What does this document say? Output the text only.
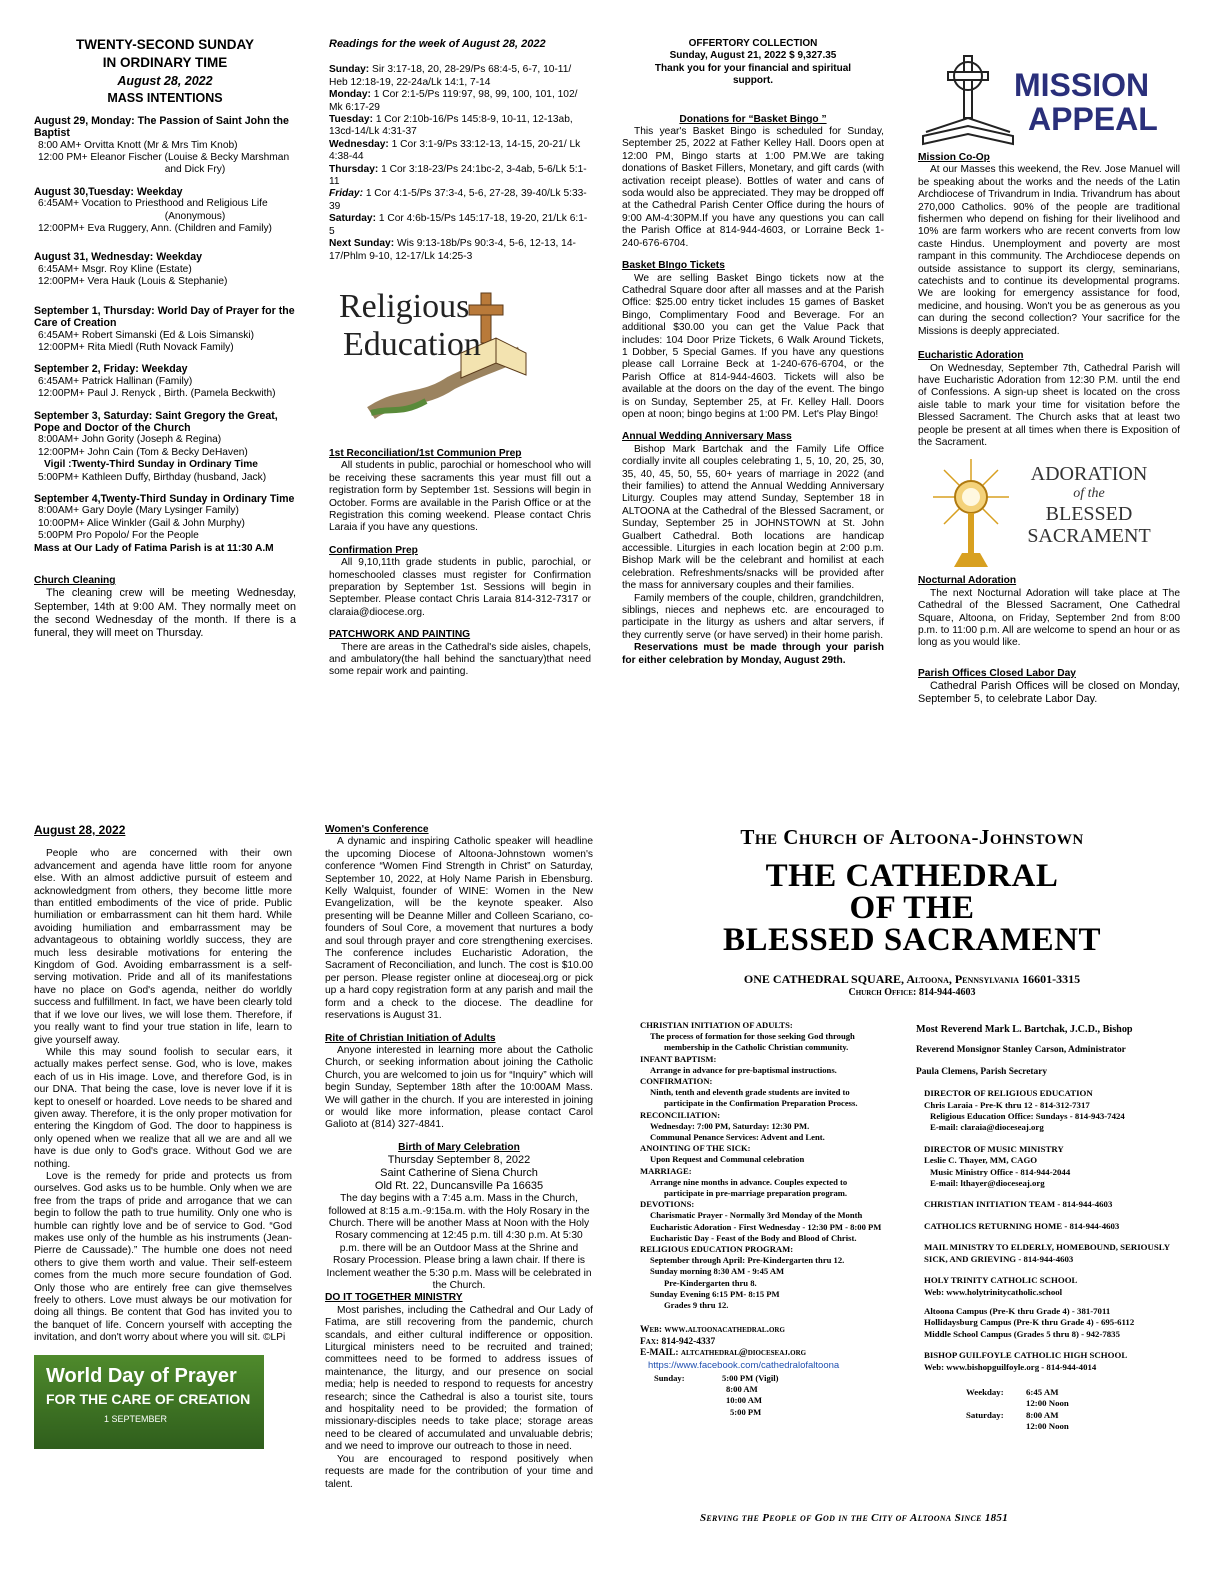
TWENTY-SECOND SUNDAY
IN ORDINARY TIME
August 28, 2022
MASS INTENTIONS
August 29, Monday: The Passion of Saint John the Baptist
8:00 AM+ Orvitta Knott (Mr & Mrs Tim Knob)
12:00 PM+ Eleanor Fischer (Louise & Becky Marshman
and Dick Fry)
August 30,Tuesday: Weekday
6:45AM+ Vocation to Priesthood and Religious Life
(Anonymous)
12:00PM+ Eva Ruggery, Ann. (Children and Family)
August 31, Wednesday: Weekday
6:45AM+ Msgr. Roy Kline (Estate)
12:00PM+ Vera Hauk (Louis & Stephanie)
September 1, Thursday: World Day of Prayer for the Care of Creation
6:45AM+ Robert Simanski (Ed & Lois Simanski)
12:00PM+ Rita Miedl (Ruth Novack Family)
September 2, Friday: Weekday
6:45AM+ Patrick Hallinan (Family)
12:00PM+ Paul J. Renyck , Birth. (Pamela Beckwith)
September 3, Saturday: Saint Gregory the Great, Pope and Doctor of the Church
8:00AM+ John Gority (Joseph & Regina)
12:00PM+ John Cain (Tom & Becky DeHaven)
Vigil :Twenty-Third Sunday in Ordinary Time
5:00PM+ Kathleen Duffy, Birthday (husband, Jack)
September 4,Twenty-Third Sunday in Ordinary Time
8:00AM+ Gary Doyle (Mary Lysinger Family)
10:00PM+ Alice Winkler (Gail & John Murphy)
5:00PM Pro Popolo/ For the People
Mass at Our Lady of Fatima Parish is at 11:30 A.M
Church Cleaning

The cleaning crew will be meeting Wednesday, September, 14th at 9:00 AM. They normally meet on the second Wednesday of the month. If there is a funeral, they will meet on Thursday.

Readings for the week of August 28, 2022

Sunday: Sir 3:17-18, 20, 28-29/Ps 68:4-5, 6-7, 10-11/ Heb 12:18-19, 22-24a/Lk 14:1, 7-14

Monday: 1 Cor 2:1-5/Ps 119:97, 98, 99, 100, 101, 102/ Mk 6:17-29

Tuesday: 1 Cor 2:10b-16/Ps 145:8-9, 10-11, 12-13ab, 13cd-14/Lk 4:31-37

Wednesday: 1 Cor 3:1-9/Ps 33:12-13, 14-15, 20-21/ Lk 4:38-44

Thursday: 1 Cor 3:18-23/Ps 24:1bc-2, 3-4ab, 5-6/Lk 5:1-11

Friday: 1 Cor 4:1-5/Ps 37:3-4, 5-6, 27-28, 39-40/Lk 5:33-39

Saturday: 1 Cor 4:6b-15/Ps 145:17-18, 19-20, 21/Lk 6:1-5

Next Sunday: Wis 9:13-18b/Ps 90:3-4, 5-6, 12-13, 14-17/Phlm 9-10, 12-17/Lk 14:25-3

Religious
Education
1st Reconciliation/1st Communion Prep

All students in public, parochial or homeschool who will be receiving these sacraments this year must fill out a registration form by September 1st. Sessions will begin in October. Forms are available in the Parish Office or at the Registration this coming weekend. Please contact Chris Laraia if you have any questions.

Confirmation Prep

All 9,10,11th grade students in public, parochial, or homeschooled classes must register for Confirmation preparation by September 1st. Sessions will begin in September. Please contact Chris Laraia 814-312-7317 or claraia@diocese.org.

PATCHWORK AND PAINTING

There are areas in the Cathedral's side aisles, chapels, and ambulatory(the hall behind the sanctuary)that need some repair work and painting.

OFFERTORY COLLECTION
Sunday, August 21, 2022 $ 9,327.35
Thank you for your financial and spiritual support.
Donations for “Basket Bingo ”

This year's Basket Bingo is scheduled for Sunday, September 25, 2022 at Father Kelley Hall. Doors open at 12:00 PM, Bingo starts at 1:00 PM.We are taking donations of Basket Fillers, Monetary, and gift cards (with activation receipt please). Bottles of water and cans of soda would also be appreciated. They may be dropped off at the Cathedral Parish Center Office during the hours of 9:00 AM-4:30PM.If you have any questions you can call the Parish Office at 814-944-4603, or Lorraine Beck 1-240-676-6704.

Basket BIngo Tickets

We are selling Basket Bingo tickets now at the Cathedral Square door after all masses and at the Parish Office: $25.00 entry ticket includes 15 games of Basket Bingo, Complimentary Food and Beverage. For an additional $30.00 you can get the Value Pack that includes: 104 Door Prize Tickets, 6 Walk Around Tickets, 1 Dobber, 5 Special Games. If you have any questions please call Lorraine Beck at 1-240-676-6704, or the Parish Office at 814-944-4603. Tickets will also be available at the doors on the day of the event. The bingo is on Sunday, September 25, at Fr. Kelley Hall. Doors open at noon; bingo begins at 1:00 PM. Let's Play Bingo!

Annual Wedding Anniversary Mass

Bishop Mark Bartchak and the Family Life Office cordially invite all couples celebrating 1, 5, 10, 20, 25, 30, 35, 40, 45, 50, 55, 60+ years of marriage in 2022 (and their families) to attend the Annual Wedding Anniversary Liturgy. Couples may attend Sunday, September 18 in ALTOONA at the Cathedral of the Blessed Sacrament, or Sunday, September 25 in JOHNSTOWN at St. John Gualbert Cathedral. Both locations are handicap accessible. Liturgies in each location begin at 2:00 p.m. Bishop Mark will be the celebrant and homilist at each celebration. Refreshments/snacks will be provided after the mass for anniversary couples and their families.

Family members of the couple, children, grandchildren, siblings, nieces and nephews etc. are encouraged to participate in the liturgy as ushers and altar servers, if they currently serve (or have served) in their home parish.

Reservations must be made through your parish for either celebration by Monday, August 29th.

MISSION
APPEAL
Mission Co-Op

At our Masses this weekend, the Rev. Jose Manuel will be speaking about the works and the needs of the Latin Archdiocese of Trivandrum in India. Trivandrum has about 270,000 Catholics. 90% of the people are traditional fishermen who depend on fishing for their livelihood and 10% are farm workers who are recent converts from low caste Hindus. Unemployment and poverty are most rampant in this community. The Archdiocese depends on outside assistance to support its clergy, seminarians, catechists and to continue its developmental programs. We are looking for emergency assistance for food, medicine, and housing. Won't you be as generous as you can during the second collection? Your sacrifice for the Missions is deeply appreciated.

Eucharistic Adoration

On Wednesday, September 7th, Cathedral Parish will have Eucharistic Adoration from 12:30 P.M. until the end of Confessions. A sign-up sheet is located on the cross aisle table to mark your time for visitation before the Blessed Sacrament. The Church asks that at least two people be present at all times when there is Exposition of the Sacrament.

ADORATION
of the
BLESSED
SACRAMENT
Nocturnal Adoration

The next Nocturnal Adoration will take place at The Cathedral of the Blessed Sacrament, One Cathedral Square, Altoona, on Friday, September 2nd from 8:00 p.m. to 11:00 p.m. All are welcome to spend an hour or as long as you would like.

Parish Offices Closed Labor Day

Cathedral Parish Offices will be closed on Monday, September 5, to celebrate Labor Day.

August 28, 2022

People who are concerned with their own advancement and agenda have little room for anyone else. With an almost addictive pursuit of esteem and acknowledgment from others, they become little more than entitled embodiments of the vice of pride. Public humiliation or embarrassment can hit them hard. While avoiding humiliation and embarrassment may be advantageous to obtaining worldly success, they are much less desirable motivations for entering the Kingdom of God. Avoiding embarrassment is a self-serving motivation. Pride and all of its manifestations have no place on God's agenda, neither do worldly success and fulfillment. In fact, we have been clearly told that if we love our lives, we will lose them. Therefore, if you really want to find your true station in life, learn to give yourself away.

While this may sound foolish to secular ears, it actually makes perfect sense. God, who is love, makes each of us in His image. Love, and therefore God, is in our DNA. That being the case, love is never love if it is kept to oneself or hoarded. Love needs to be shared and given away. Therefore, it is the only proper motivation for entering the Kingdom of God. The door to happiness is only opened when we realize that all we are and all we have is due only to God's grace. Without God we are nothing.

Love is the remedy for pride and protects us from ourselves. God asks us to be humble. Only when we are free from the traps of pride and arrogance that we can begin to follow the path to true humility. Only one who is humble can rightly love and be of service to God. “God makes use only of the humble as his instruments (Jean-Pierre de Caussade).” The humble one does not need others to give them worth and value. Their self-esteem comes from the much more secure foundation of God. Only those who are entirely free can give themselves freely to others. Love must always be our motivation for doing all things. Be content that God has invited you to the banquet of life. Concern yourself with accepting the invitation, and don't worry about where you will sit. ©LPi

World Day of Prayer
FOR THE CARE OF CREATION
1 SEPTEMBER
Women's Conference

A dynamic and inspiring Catholic speaker will headline the upcoming Diocese of Altoona-Johnstown women's conference “Women Find Strength in Christ” on Saturday, September 10, 2022, at Holy Name Parish in Ebensburg. Kelly Walquist, founder of WINE: Women in the New Evangelization, will be the keynote speaker. Also presenting will be Deanne Miller and Colleen Scariano, co-founders of Soul Core, a movement that nurtures a body and soul through prayer and core strengthening exercises. The conference includes Eucharistic Adoration, the Sacrament of Reconciliation, and lunch. The cost is $10.00 per person. Please register online at dioceseaj.org or pick up a hard copy registration form at any parish and mail the form and a check to the diocese. The deadline for reservations is August 31.

Rite of Christian Initiation of Adults

Anyone interested in learning more about the Catholic Church, or seeking information about joining the Catholic Church, you are welcomed to join us for “Inquiry” which will begin Sunday, September 18th after the 10:00AM Mass. We will gather in the church. If you are interested in joining or would like more information, please contact Carol Galioto at (814) 327-4841.

Birth of Mary Celebration
Thursday September 8, 2022
Saint Catherine of Siena Church
Old Rt. 22, Duncansville Pa 16635

The day begins with a 7:45 a.m. Mass in the Church, followed at 8:15 a.m.-9:15a.m. with the Holy Rosary in the Church. There will be another Mass at Noon with the Holy Rosary commencing at 12:45 p.m. till 4:30 p.m. At 5:30 p.m. there will be an Outdoor Mass at the Shrine and Rosary Procession. Please bring a lawn chair. If there is Inclement weather the 5:30 p.m. Mass will be celebrated in the Church.

DO IT TOGETHER MINISTRY

Most parishes, including the Cathedral and Our Lady of Fatima, are still recovering from the pandemic, church scandals, and either cultural indifference or opposition. Liturgical ministers need to be recruited and trained; committees need to be formed to address issues of maintenance, the liturgy, and our presence on social media; help is needed to respond to requests for ancestry research; since the Cathedral is also a tourist site, tours and hospitality need to be provided; the formation of missionary-disciples needs to take place; storage areas need to be cleared of accumulated and unvaluable debris; and we need to improve our outreach to those in need.

You are encouraged to respond positively when requests are made for the contribution of your time and talent.

The Church of Altoona-Johnstown
THE CATHEDRAL
OF THE
BLESSED SACRAMENT
ONE CATHEDRAL SQUARE, Altoona, Pennsylvania 16601-3315
Church Office: 814-944-4603
CHRISTIAN INITIATION OF ADULTS:
The process of formation for those seeking God through
membership in the Catholic Christian community.
INFANT BAPTISM:
Arrange in advance for pre-baptismal instructions.
CONFIRMATION:
Ninth, tenth and eleventh grade students are invited to
participate in the Confirmation Preparation Process.
RECONCILIATION:
Wednesday: 7:00 PM, Saturday: 12:30 PM.
Communal Penance Services: Advent and Lent.
ANOINTING OF THE SICK:
Upon Request and Communal celebration
MARRIAGE:
Arrange nine months in advance. Couples expected to
participate in pre-marriage preparation program.
DEVOTIONS:
Charismatic Prayer - Normally 3rd Monday of the Month
Eucharistic Adoration - First Wednesday - 12:30 PM - 8:00 PM
Eucharistic Day - Feast of the Body and Blood of Christ.
RELIGIOUS EDUCATION PROGRAM:
September through April: Pre-Kindergarten thru 12.
Sunday morning 8:30 AM - 9:45 AM
Pre-Kindergarten thru 8.
Sunday Evening 6:15 PM- 8:15 PM
Grades 9 thru 12.
Web: www.altoonacathedral.org
Fax: 814-942-4337
E-MAIL: altcathedral@dioceseaj.org
https://www.facebook.com/cathedralofaltoona
Sunday:	5:00 PM (Vigil)
8:00 AM
10:00 AM
5:00 PM
Most Reverend Mark L. Bartchak, J.C.D., Bishop
Reverend Monsignor Stanley Carson, Administrator
Paula Clemens, Parish Secretary
DIRECTOR OF RELIGIOUS EDUCATION
Chris Laraia - Pre-K thru 12 - 814-312-7317
Religious Education Office: Sundays - 814-943-7424
E-mail: claraia@dioceseaj.org
DIRECTOR OF MUSIC MINISTRY
Leslie C. Thayer, MM, CAGO
Music Ministry Office - 814-944-2044
E-mail: lthayer@dioceseaj.org
CHRISTIAN INITIATION TEAM - 814-944-4603
CATHOLICS RETURNING HOME - 814-944-4603
MAIL MINISTRY TO ELDERLY, HOMEBOUND, SERIOUSLY SICK, AND GRIEVING - 814-944-4603
HOLY TRINITY CATHOLIC SCHOOL
Web: www.holytrinitycatholic.school
Altoona Campus (Pre-K thru Grade 4) - 381-7011
Hollidaysburg Campus (Pre-K thru Grade 4) - 695-6112
Middle School Campus (Grades 5 thru 8) - 942-7835
BISHOP GUILFOYLE CATHOLIC HIGH SCHOOL
Web: www.bishopguilfoyle.org - 814-944-4014
Weekday:	6:45 AM
12:00 Noon
Saturday:	8:00 AM
12:00 Noon
Serving the People of God in the City of Altoona Since 1851
